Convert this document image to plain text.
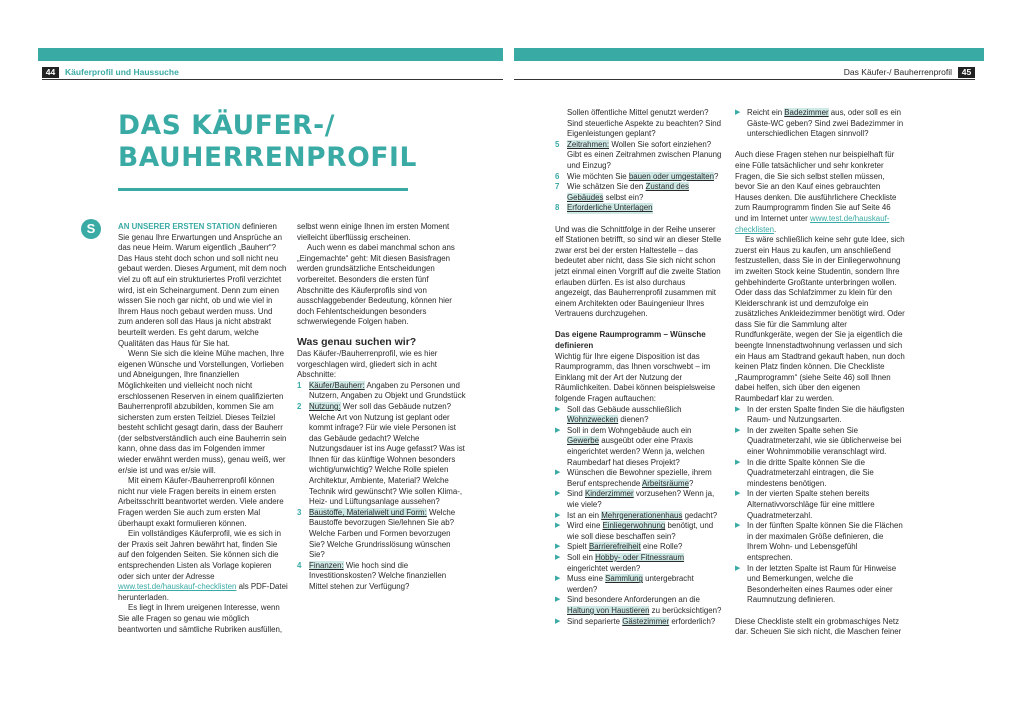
44	Käuferprofil und Haussuche	Das Käufer-/ Bauherrenprofil	45
DAS KÄUFER-/
BAUHERRENPROFIL
S	AN UNSERER ERSTEN STATION definieren Sie genau Ihre Erwartungen und Ansprüche an das neue Heim. Warum eigentlich „Bauherr“? Das Haus steht doch schon und soll nicht neu gebaut werden. Dieses Argument, mit dem noch viel zu oft auf ein strukturiertes Profil verzichtet wird, ist ein Scheinargument. Denn zum einen wissen Sie noch gar nicht, ob und wie viel in Ihrem Haus noch gebaut werden muss. Und zum anderen soll das Haus ja nicht abstrakt beurteilt werden. Es geht darum, welche Qualitäten das Haus für Sie hat.

Wenn Sie sich die kleine Mühe machen, Ihre eigenen Wünsche und Vorstellungen, Vorlieben und Abneigungen, Ihre finanziellen Möglichkeiten und vielleicht noch nicht erschlossenen Reserven in einem qualifizierten Bauherrenprofil abzubilden, kommen Sie am sichersten zum ersten Teilziel. Dieses Teilziel besteht schlicht gesagt darin, dass der Bauherr (der selbstverständlich auch eine Bauherrin sein kann, ohne dass das im Folgenden immer wieder erwähnt werden muss), genau weiß, wer er/sie ist und was er/sie will.

Mit einem Käufer-/Bauherrenprofil können nicht nur viele Fragen bereits in einem ersten Arbeitsschritt beantwortet werden. Viele andere Fragen werden Sie auch zum ersten Mal überhaupt exakt formulieren können.

Ein vollständiges Käuferprofil, wie es sich in der Praxis seit Jahren bewährt hat, finden Sie auf den folgenden Seiten. Sie können sich die entsprechenden Listen als Vorlage kopieren oder sich unter der Adresse www.test.de/hauskauf-checklisten als PDF-Datei herunterladen.

Es liegt in Ihrem ureigenen Interesse, wenn Sie alle Fragen so genau wie möglich beantworten und sämtliche Rubriken ausfüllen,

selbst wenn einige Ihnen im ersten Moment vielleicht überflüssig erscheinen.

Auch wenn es dabei manchmal schon ans „Eingemachte“ geht: Mit diesen Basisfragen werden grundsätzliche Entscheidungen vorbereitet. Besonders die ersten fünf Abschnitte des Käuferprofils sind von ausschlaggebender Bedeutung, können hier doch Fehlentscheidungen besonders schwerwiegende Folgen haben.

Was genau suchen wir?

Das Käufer-/Bauherrenprofil, wie es hier vorgeschlagen wird, gliedert sich in acht Abschnitte:

1 Käufer/Bauherr: Angaben zu Personen und Nutzern, Angaben zu Objekt und Grundstück
2 Nutzung: Wer soll das Gebäude nutzen? Welche Art von Nutzung ist geplant oder kommt infrage? Für wie viele Personen ist das Gebäude gedacht? Welche Nutzungsdauer ist ins Auge gefasst? Was ist Ihnen für das künftige Wohnen besonders wichtig/unwichtig? Welche Rolle spielen Architektur, Ambiente, Material? Welche Technik wird gewünscht? Wie sollen Klima-, Heiz- und Lüftungsanlage aussehen?
3 Baustoffe, Materialwelt und Form: Welche Baustoffe bevorzugen Sie/lehnen Sie ab? Welche Farben und Formen bevorzugen Sie? Welche Grundrisslösung wünschen Sie?
4 Finanzen: Wie hoch sind die Investitionskosten? Welche finanziellen Mittel stehen zur Verfügung?

Sollen öffentliche Mittel genutzt werden? Sind steuerliche Aspekte zu beachten? Sind Eigenleistungen geplant?

5 Zeitrahmen: Wollen Sie sofort einziehen? Gibt es einen Zeitrahmen zwischen Planung und Einzug?
6 Wie möchten Sie bauen oder umgestalten?
7 Wie schätzen Sie den Zustand des Gebäudes selbst ein?
8 Erforderliche Unterlagen

Und was die Schnittfolge in der Reihe unserer elf Stationen betrifft, so sind wir an dieser Stelle zwar erst bei der ersten Haltestelle – das bedeutet aber nicht, dass Sie sich nicht schon jetzt einmal einen Vorgriff auf die zweite Station erlauben dürfen. Es ist also durchaus angezeigt, das Bauherrenprofil zusammen mit einem Architekten oder Bauingenieur Ihres Vertrauens durchzugehen.

Das eigene Raumprogramm – Wünsche definieren

Wichtig für Ihre eigene Disposition ist das Raumprogramm, das Ihnen vorschwebt – im Einklang mit der Art der Nutzung der Räumlichkeiten. Dabei können beispielsweise folgende Fragen auftauchen:

▶ Soll das Gebäude ausschließlich Wohnzwecken dienen?
▶ Soll in dem Wohngebäude auch ein Gewerbe ausgeübt oder eine Praxis eingerichtet werden? Wenn ja, welchen Raumbedarf hat dieses Projekt?
▶ Wünschen die Bewohner spezielle, ihrem Beruf entsprechende Arbeitsräume?
▶ Sind Kinderzimmer vorzusehen? Wenn ja, wie viele?
▶ Ist an ein Mehrgenerationenhaus gedacht?
▶ Wird eine Einliegerwohnung benötigt, und wie soll diese beschaffen sein?
▶ Spielt Barrierefreiheit eine Rolle?
▶ Soll ein Hobby- oder Fitnessraum eingerichtet werden?
▶ Muss eine Sammlung untergebracht werden?
▶ Sind besondere Anforderungen an die Haltung von Haustieren zu berücksichtigen?
▶ Sind separierte Gästezimmer erforderlich?
▶ Reicht ein Badezimmer aus, oder soll es ein Gäste-WC geben? Sind zwei Badezimmer in unterschiedlichen Etagen sinnvoll?

Auch diese Fragen stehen nur beispielhaft für eine Fülle tatsächlicher und sehr konkreter Fragen, die Sie sich selbst stellen müssen, bevor Sie an den Kauf eines gebrauchten Hauses denken. Die ausführlichere Checkliste zum Raumprogramm finden Sie auf Seite 46 und im Internet unter www.test.de/hauskauf-checklisten.

Es wäre schließlich keine sehr gute Idee, sich zuerst ein Haus zu kaufen, um anschließend festzustellen, dass Sie in der Einliegerwohnung im zweiten Stock keine Studentin, sondern Ihre gehbehinderte Großtante unterbringen wollen. Oder dass das Schlafzimmer zu klein für den Kleiderschrank ist und demzufolge ein zusätzliches Ankleidezimmer benötigt wird. Oder dass Sie für die Sammlung alter Rundfunkgeräte, wegen der Sie ja eigentlich die beengte Innenstadtwohnung verlassen und sich ein Haus am Stadtrand gekauft haben, nun doch keinen Platz finden können. Die Checkliste „Raumprogramm“ (siehe Seite 46) soll Ihnen dabei helfen, sich über den eigenen Raumbedarf klar zu werden.

▶ In der ersten Spalte finden Sie die häufigsten Raum- und Nutzungsarten.
▶ In der zweiten Spalte sehen Sie Quadratmeterzahl, wie sie üblicherweise bei einer Wohnimmobilie veranschlagt wird.
▶ In die dritte Spalte können Sie die Quadratmeterzahl eintragen, die Sie mindestens benötigen.
▶ In der vierten Spalte stehen bereits Alternativvorschläge für eine mittlere Quadratmeterzahl.
▶ In der fünften Spalte können Sie die Flächen in der maximalen Größe definieren, die Ihrem Wohn- und Lebensgefühl entsprechen.
▶ In der letzten Spalte ist Raum für Hinweise und Bemerkungen, welche die Besonderheiten eines Raumes oder einer Raumnutzung definieren.

Diese Checkliste stellt ein grobmaschiges Netz dar. Scheuen Sie sich nicht, die Maschen feiner
